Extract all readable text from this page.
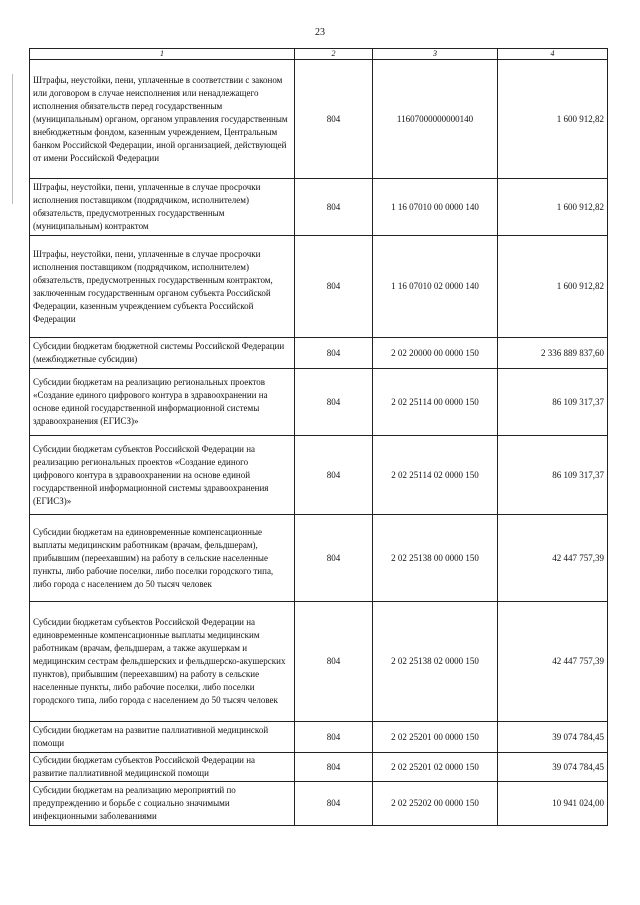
23
1	2	3	4
Штрафы, неустойки, пени, уплаченные в соответствии с законом или договором в случае неисполнения или ненадлежащего исполнения обязательств перед государственным (муниципальным) органом, органом управления государственным внебюджетным фондом, казенным учреждением, Центральным банком Российской Федерации, иной организацией, действующей от имени Российской Федерации	804	11607000000000140	1 600 912,82
Штрафы, неустойки, пени, уплаченные в случае просрочки исполнения поставщиком (подрядчиком, исполнителем) обязательств, предусмотренных государственным (муниципальным) контрактом	804	1 16 07010 00 0000 140	1 600 912,82
Штрафы, неустойки, пени, уплаченные в случае просрочки исполнения поставщиком (подрядчиком, исполнителем) обязательств, предусмотренных государственным контрактом, заключенным государственным органом субъекта Российской Федерации, казенным учреждением субъекта Российской Федерации	804	1 16 07010 02 0000 140	1 600 912,82
Субсидии бюджетам бюджетной системы Российской Федерации (межбюджетные субсидии)	804	2 02 20000 00 0000 150	2 336 889 837,60
Субсидии бюджетам на реализацию региональных проектов «Создание единого цифрового контура в здравоохранении на основе единой государственной информационной системы здравоохранения (ЕГИСЗ)»	804	2 02 25114 00 0000 150	86 109 317,37
Субсидии бюджетам субъектов Российской Федерации на реализацию региональных проектов «Создание единого цифрового контура в здравоохранении на основе единой государственной информационной системы здравоохранения (ЕГИСЗ)»	804	2 02 25114 02 0000 150	86 109 317,37
Субсидии бюджетам на единовременные компенсационные выплаты медицинским работникам (врачам, фельдшерам), прибывшим (переехавшим) на работу в сельские населенные пункты, либо рабочие поселки, либо поселки городского типа, либо города с населением до 50 тысяч человек	804	2 02 25138 00 0000 150	42 447 757,39
Субсидии бюджетам субъектов Российской Федерации на единовременные компенсационные выплаты медицинским работникам (врачам, фельдшерам, а также акушеркам и медицинским сестрам фельдшерских и фельдшерско-акушерских пунктов), прибывшим (переехавшим) на работу в сельские населенные пункты, либо рабочие поселки, либо поселки городского типа, либо города с населением до 50 тысяч человек	804	2 02 25138 02 0000 150	42 447 757,39
Субсидии бюджетам на развитие паллиативной медицинской помощи	804	2 02 25201 00 0000 150	39 074 784,45
Субсидии бюджетам субъектов Российской Федерации на развитие паллиативной медицинской помощи	804	2 02 25201 02 0000 150	39 074 784,45
Субсидии бюджетам на реализацию мероприятий по предупреждению и борьбе с социально значимыми инфекционными заболеваниями	804	2 02 25202 00 0000 150	10 941 024,00
